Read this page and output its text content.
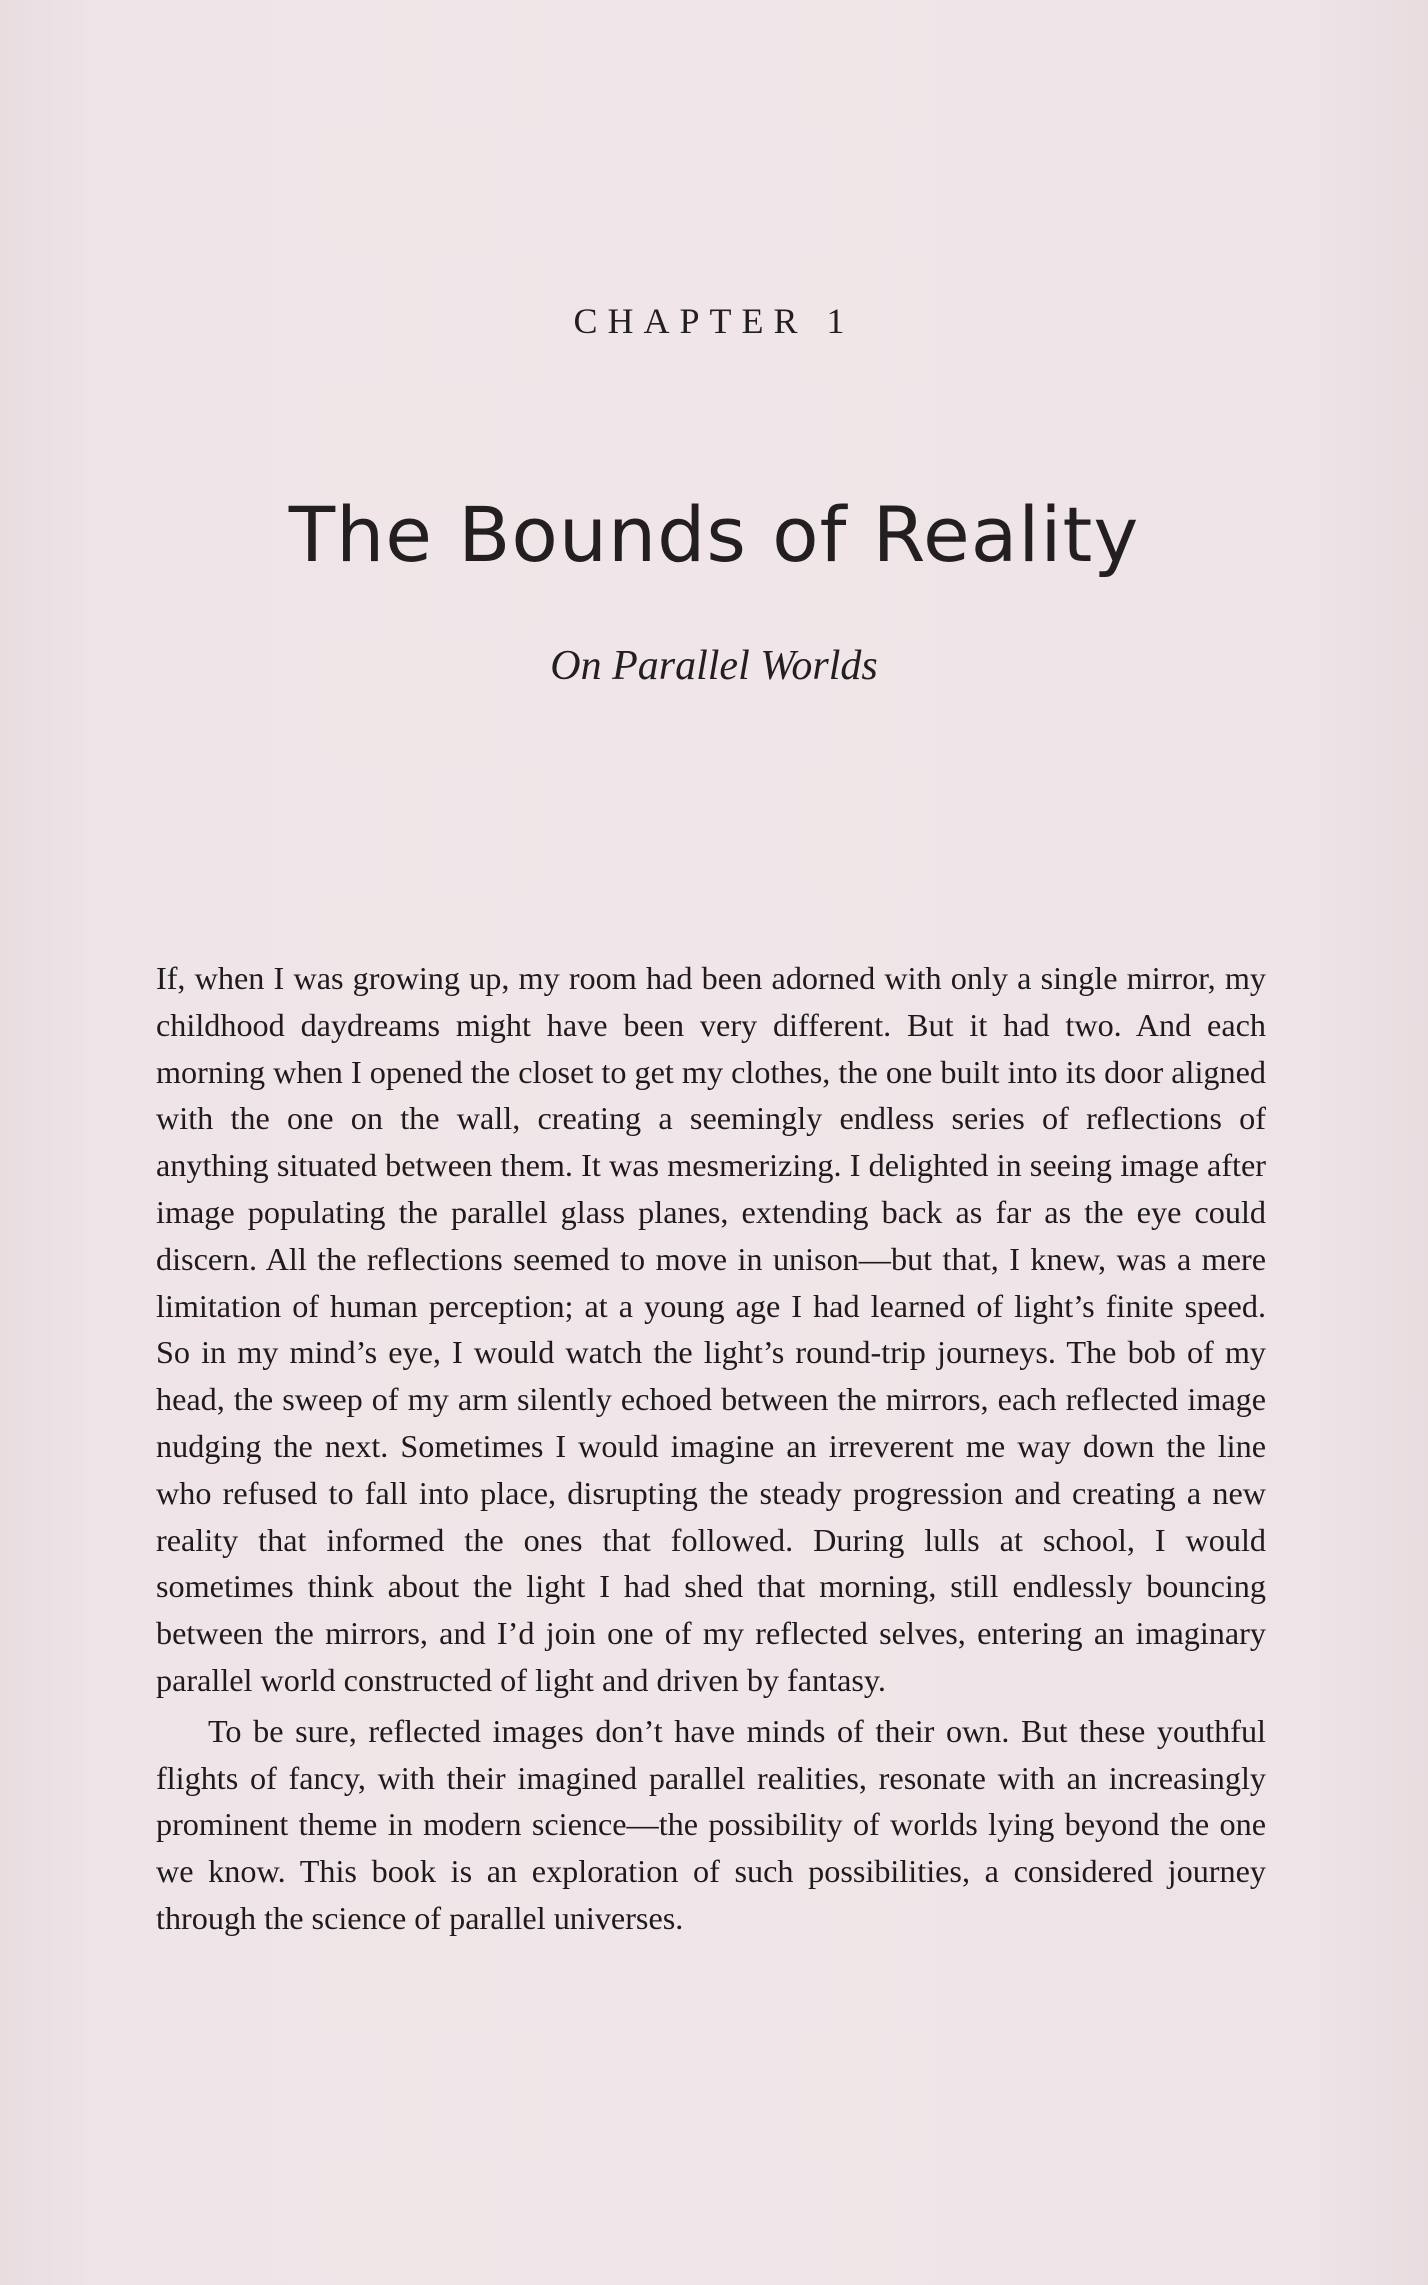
CHAPTER 1
The Bounds of Reality
On Parallel Worlds

If, when I was growing up, my room had been adorned with only a single mirror, my childhood daydreams might have been very different. But it had two. And each morning when I opened the closet to get my clothes, the one built into its door aligned with the one on the wall, creating a seemingly endless series of reflections of anything situated between them. It was mesmerizing. I delighted in seeing image after image populating the parallel glass planes, extending back as far as the eye could discern. All the reflections seemed to move in unison—but that, I knew, was a mere limitation of human perception; at a young age I had learned of light’s finite speed. So in my mind’s eye, I would watch the light’s round-trip journeys. The bob of my head, the sweep of my arm silently echoed between the mirrors, each reflected image nudging the next. Sometimes I would imagine an irreverent me way down the line who refused to fall into place, disrupting the steady progression and creating a new reality that informed the ones that followed. During lulls at school, I would sometimes think about the light I had shed that morning, still endlessly bouncing between the mirrors, and I’d join one of my reflected selves, entering an imaginary parallel world constructed of light and driven by fantasy.

To be sure, reflected images don’t have minds of their own. But these youthful flights of fancy, with their imagined parallel realities, resonate with an increasingly prominent theme in modern science—the possibility of worlds lying beyond the one we know. This book is an exploration of such possibilities, a considered journey through the science of parallel universes.
